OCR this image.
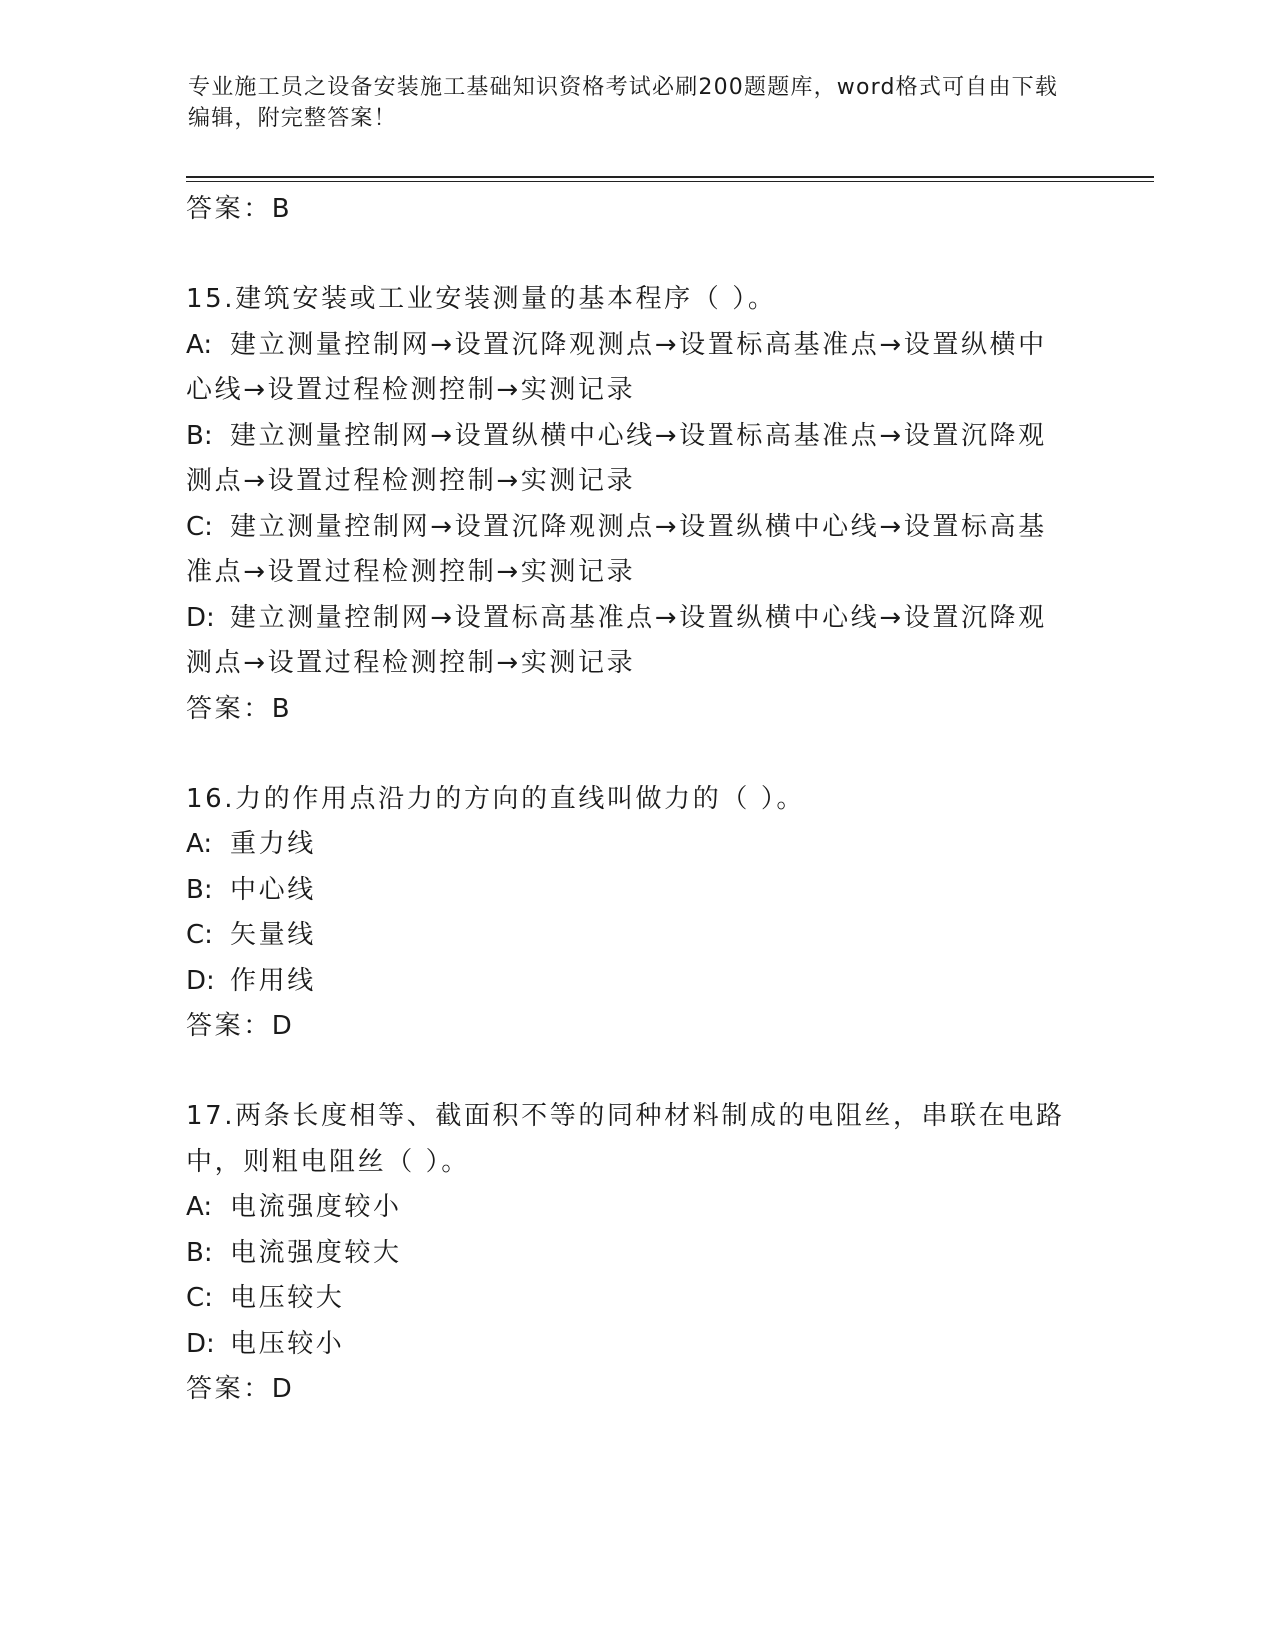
专业施工员之设备安装施工基础知识资格考试必刷200题题库，word格式可自由下载编辑，附完整答案！
答案：B
15.建筑安装或工业安装测量的基本程序（ ）。
A: 建立测量控制网→设置沉降观测点→设置标高基准点→设置纵横中
心线→设置过程检测控制→实测记录
B: 建立测量控制网→设置纵横中心线→设置标高基准点→设置沉降观
测点→设置过程检测控制→实测记录
C: 建立测量控制网→设置沉降观测点→设置纵横中心线→设置标高基
准点→设置过程检测控制→实测记录
D: 建立测量控制网→设置标高基准点→设置纵横中心线→设置沉降观
测点→设置过程检测控制→实测记录
答案：B
16.力的作用点沿力的方向的直线叫做力的（ ）。
A: 重力线
B: 中心线
C: 矢量线
D: 作用线
答案：D
17.两条长度相等、截面积不等的同种材料制成的电阻丝，串联在电路
中，则粗电阻丝（ ）。
A: 电流强度较小
B: 电流强度较大
C: 电压较大
D: 电压较小
答案：D
